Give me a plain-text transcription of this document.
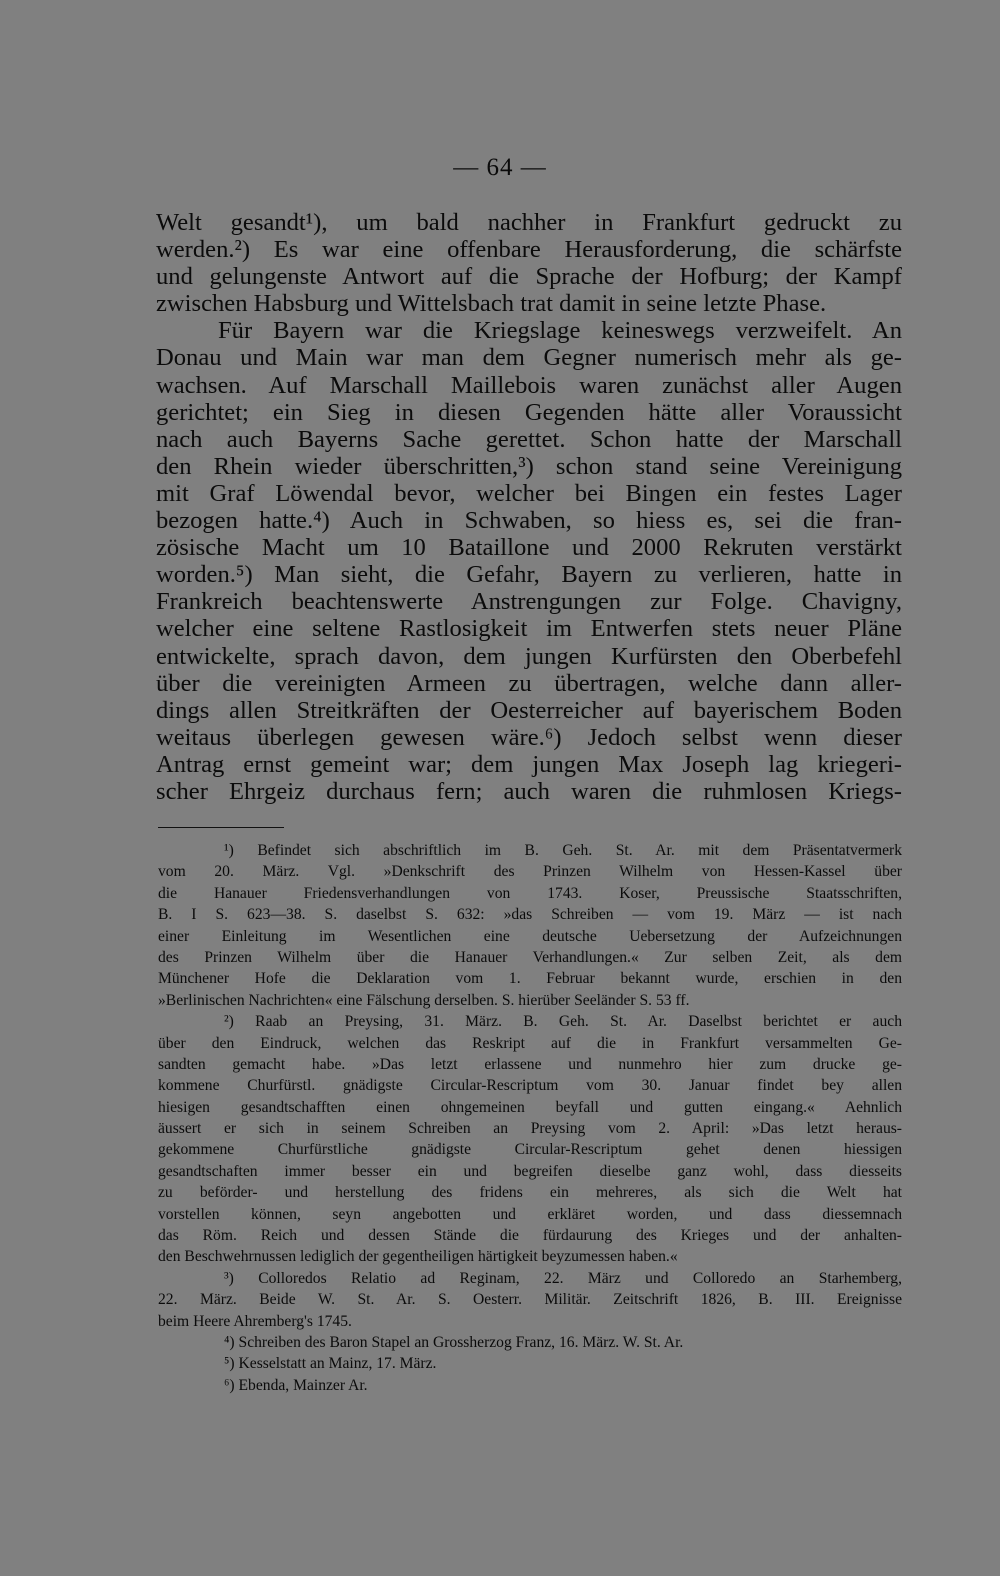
— 64 —
Welt gesandt¹), um bald nachher in Frankfurt gedruckt zu
werden.²) Es war eine offenbare Herausforderung, die schärfste
und gelungenste Antwort auf die Sprache der Hofburg; der Kampf
zwischen Habsburg und Wittelsbach trat damit in seine letzte Phase.
Für Bayern war die Kriegslage keineswegs verzweifelt. An
Donau und Main war man dem Gegner numerisch mehr als ge-
wachsen. Auf Marschall Maillebois waren zunächst aller Augen
gerichtet; ein Sieg in diesen Gegenden hätte aller Voraussicht
nach auch Bayerns Sache gerettet. Schon hatte der Marschall
den Rhein wieder überschritten,³) schon stand seine Vereinigung
mit Graf Löwendal bevor, welcher bei Bingen ein festes Lager
bezogen hatte.⁴) Auch in Schwaben, so hiess es, sei die fran-
zösische Macht um 10 Bataillone und 2000 Rekruten verstärkt
worden.⁵) Man sieht, die Gefahr, Bayern zu verlieren, hatte in
Frankreich beachtenswerte Anstrengungen zur Folge. Chavigny,
welcher eine seltene Rastlosigkeit im Entwerfen stets neuer Pläne
entwickelte, sprach davon, dem jungen Kurfürsten den Oberbefehl
über die vereinigten Armeen zu übertragen, welche dann aller-
dings allen Streitkräften der Oesterreicher auf bayerischem Boden
weitaus überlegen gewesen wäre.⁶) Jedoch selbst wenn dieser
Antrag ernst gemeint war; dem jungen Max Joseph lag kriegeri-
scher Ehrgeiz durchaus fern; auch waren die ruhmlosen Kriegs-
¹) Befindet sich abschriftlich im B. Geh. St. Ar. mit dem Präsentatvermerk
vom 20. März. Vgl. »Denkschrift des Prinzen Wilhelm von Hessen-Kassel über
die Hanauer Friedensverhandlungen von 1743. Koser, Preussische Staatsschriften,
B. I S. 623—38. S. daselbst S. 632: »das Schreiben — vom 19. März — ist nach
einer Einleitung im Wesentlichen eine deutsche Uebersetzung der Aufzeichnungen
des Prinzen Wilhelm über die Hanauer Verhandlungen.« Zur selben Zeit, als dem
Münchener Hofe die Deklaration vom 1. Februar bekannt wurde, erschien in den
»Berlinischen Nachrichten« eine Fälschung derselben. S. hierüber Seeländer S. 53 ff.
²) Raab an Preysing, 31. März. B. Geh. St. Ar. Daselbst berichtet er auch
über den Eindruck, welchen das Reskript auf die in Frankfurt versammelten Ge-
sandten gemacht habe. »Das letzt erlassene und nunmehro hier zum drucke ge-
kommene Churfürstl. gnädigste Circular-Rescriptum vom 30. Januar findet bey allen
hiesigen gesandtschafften einen ohngemeinen beyfall und gutten eingang.« Aehnlich
äussert er sich in seinem Schreiben an Preysing vom 2. April: »Das letzt heraus-
gekommene Churfürstliche gnädigste Circular-Rescriptum gehet denen hiessigen
gesandtschaften immer besser ein und begreifen dieselbe ganz wohl, dass diesseits
zu beförder- und herstellung des fridens ein mehreres, als sich die Welt hat
vorstellen können, seyn angebotten und erkläret worden, und dass diessemnach
das Röm. Reich und dessen Stände die fürdaurung des Krieges und der anhalten-
den Beschwehrnussen lediglich der gegentheiligen härtigkeit beyzumessen haben.«
³) Colloredos Relatio ad Reginam, 22. März und Colloredo an Starhemberg,
22. März. Beide W. St. Ar. S. Oesterr. Militär. Zeitschrift 1826, B. III. Ereignisse
beim Heere Ahremberg's 1745.
⁴) Schreiben des Baron Stapel an Grossherzog Franz, 16. März. W. St. Ar.
⁵) Kesselstatt an Mainz, 17. März.
⁶) Ebenda, Mainzer Ar.
